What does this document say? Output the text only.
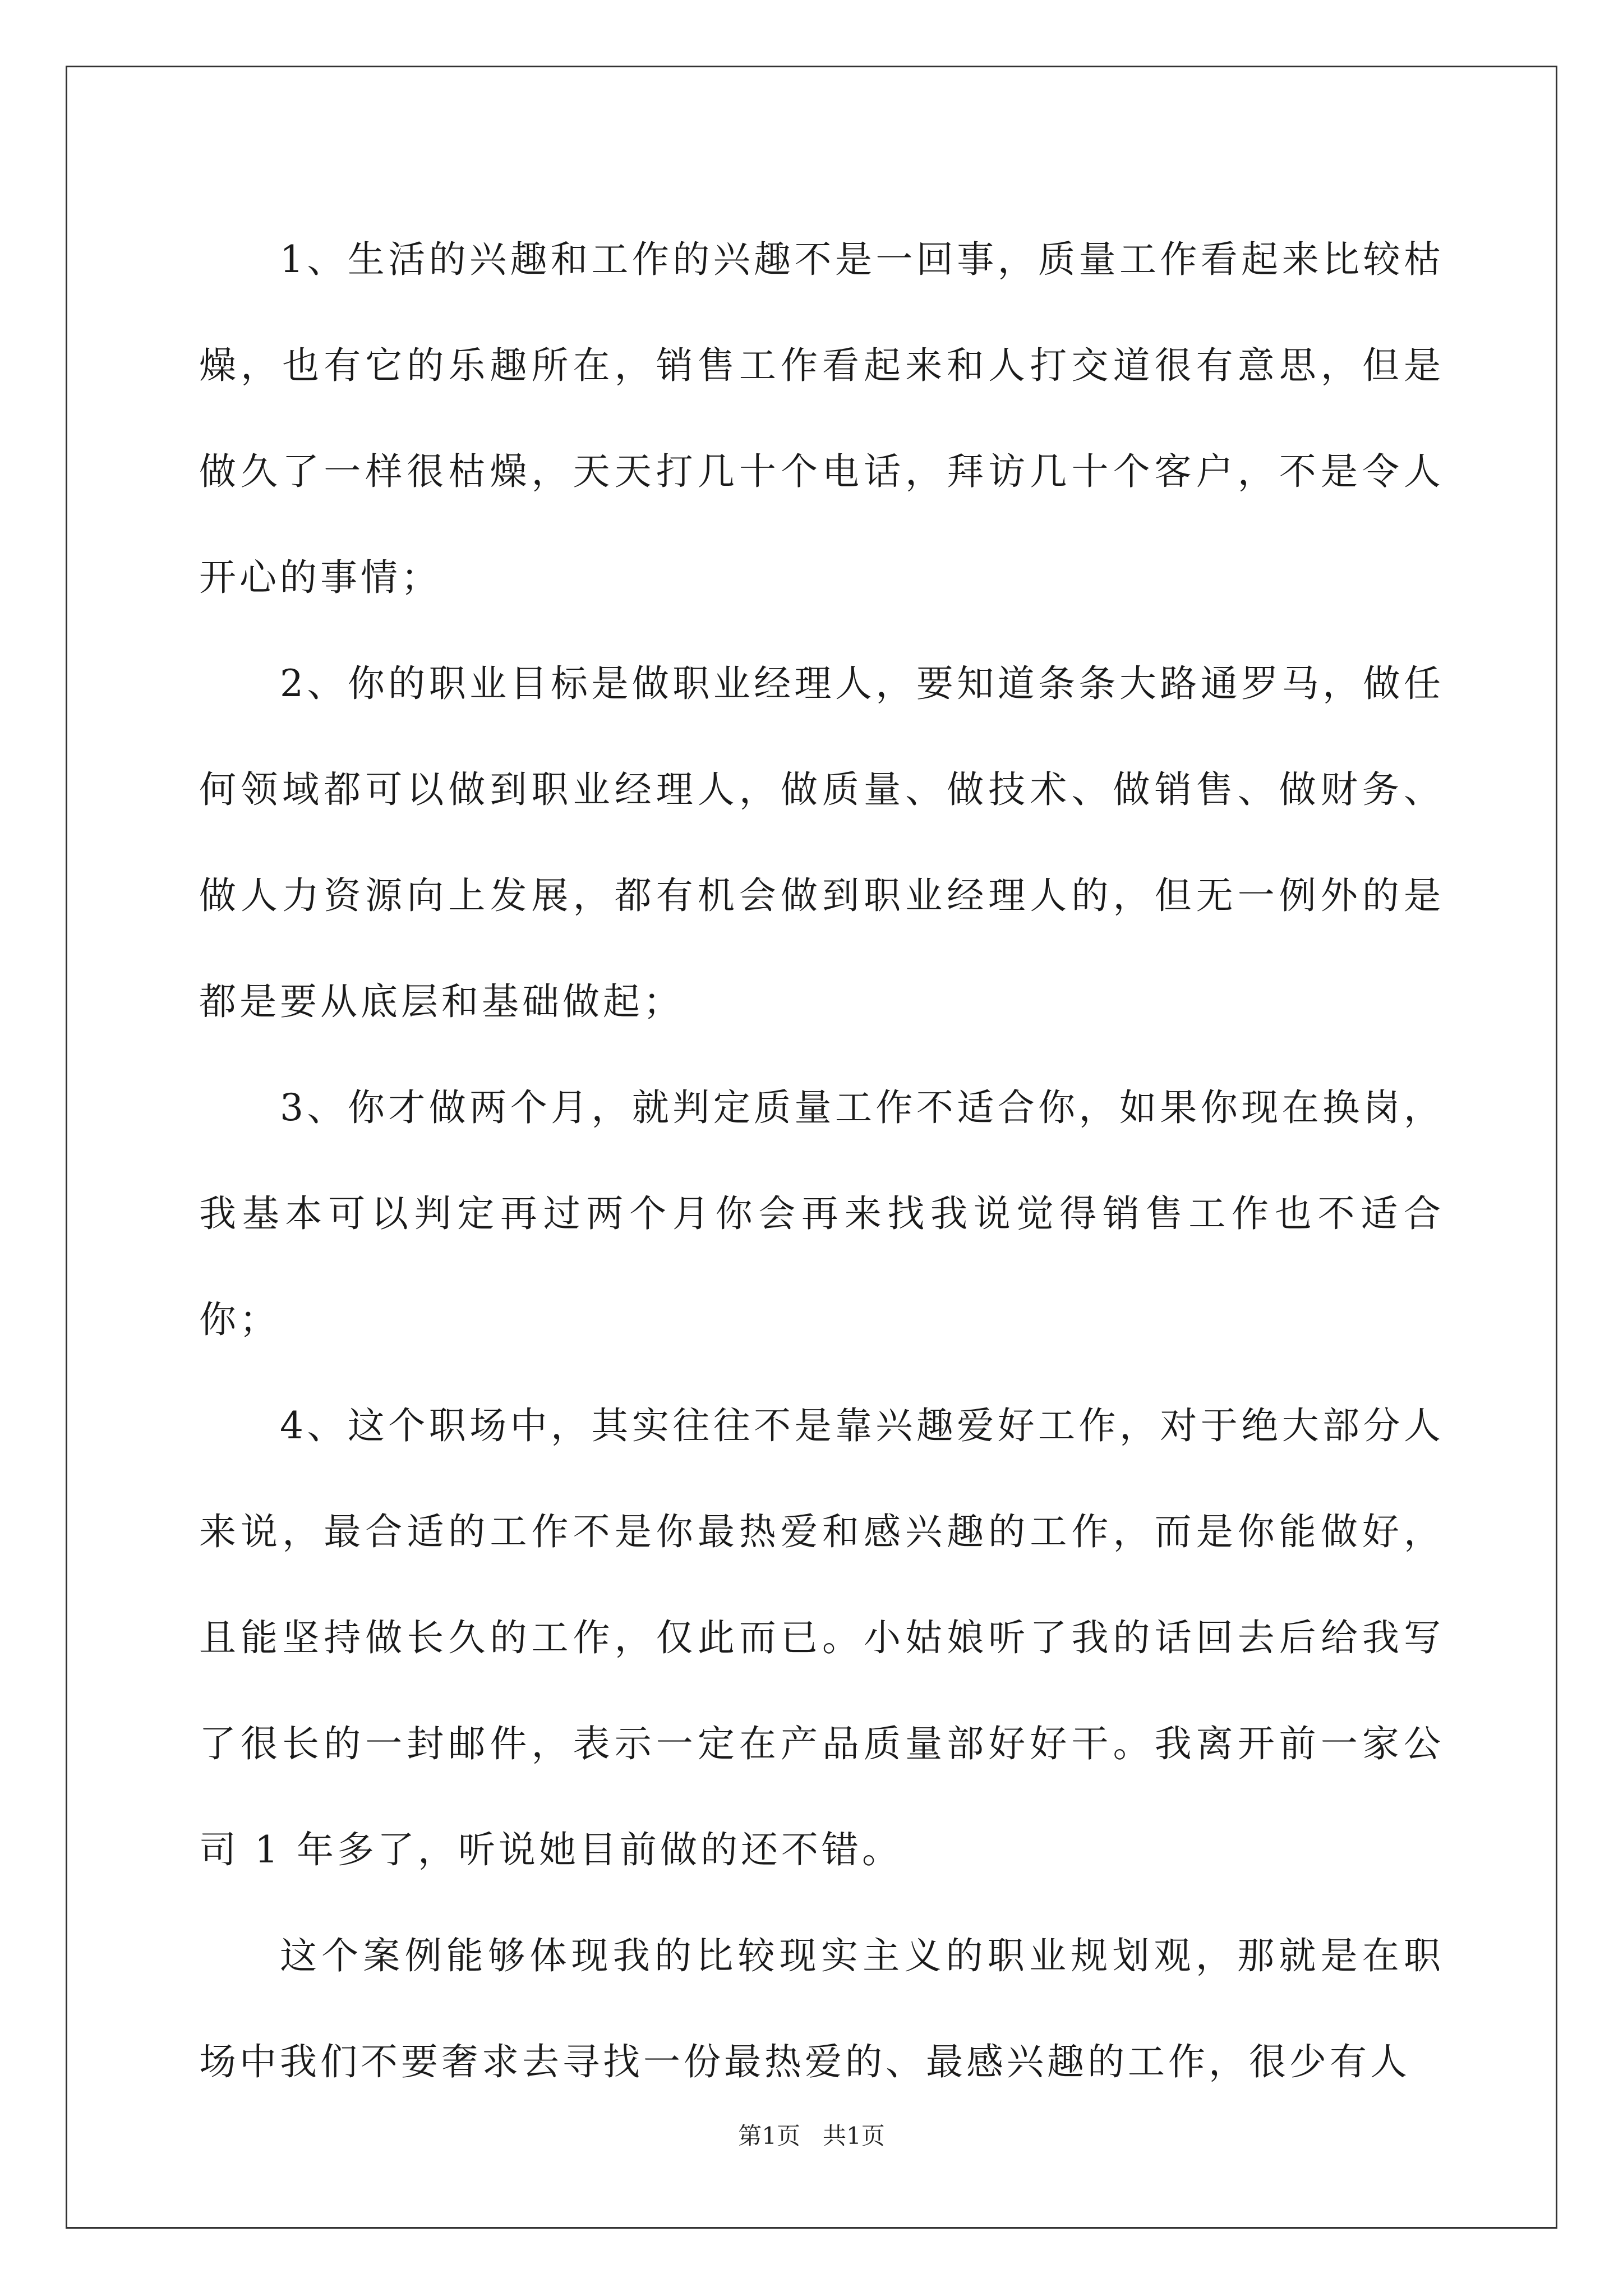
1、生活的兴趣和工作的兴趣不是一回事，质量工作看起来比较枯燥，也有它的乐趣所在，销售工作看起来和人打交道很有意思，但是做久了一样很枯燥，天天打几十个电话，拜访几十个客户，不是令人开心的事情；

2、你的职业目标是做职业经理人，要知道条条大路通罗马，做任何领域都可以做到职业经理人，做质量、做技术、做销售、做财务、做人力资源向上发展，都有机会做到职业经理人的，但无一例外的是都是要从底层和基础做起；

3、你才做两个月，就判定质量工作不适合你，如果你现在换岗，我基本可以判定再过两个月你会再来找我说觉得销售工作也不适合你；

4、这个职场中，其实往往不是靠兴趣爱好工作，对于绝大部分人来说，最合适的工作不是你最热爱和感兴趣的工作，而是你能做好，且能坚持做长久的工作，仅此而已。小姑娘听了我的话回去后给我写了很长的一封邮件，表示一定在产品质量部好好干。我离开前一家公司 1 年多了，听说她目前做的还不错。

这个案例能够体现我的比较现实主义的职业规划观，那就是在职场中我们不要奢求去寻找一份最热爱的、最感兴趣的工作，很少有人

第1页   共1页
